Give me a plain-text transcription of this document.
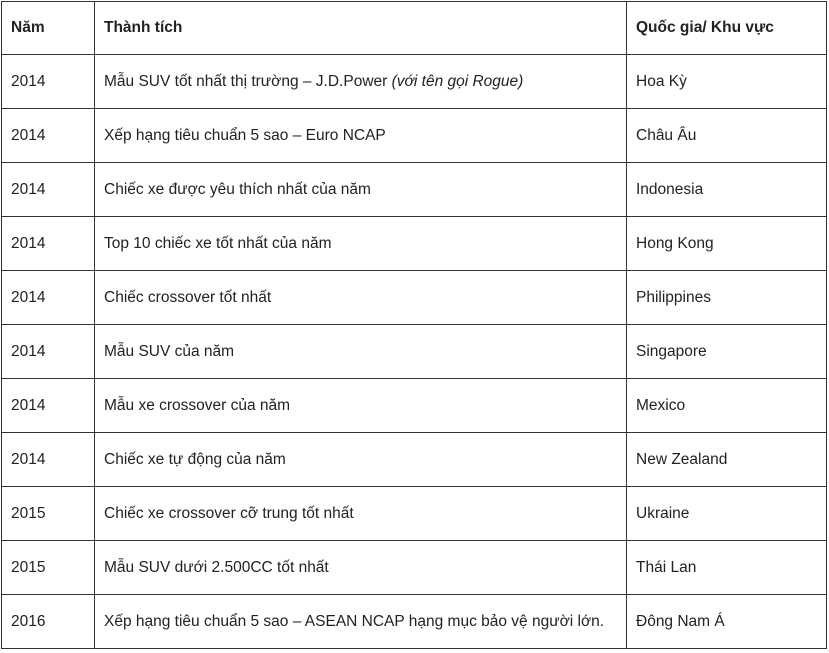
Năm	Thành tích	Quốc gia/ Khu vực
2014	Mẫu SUV tốt nhất thị trường – J.D.Power (với tên gọi Rogue)	Hoa Kỳ
2014	Xếp hạng tiêu chuẩn 5 sao – Euro NCAP	Châu Âu
2014	Chiếc xe được yêu thích nhất của năm	Indonesia
2014	Top 10 chiếc xe tốt nhất của năm	Hong Kong
2014	Chiếc crossover tốt nhất	Philippines
2014	Mẫu SUV của năm	Singapore
2014	Mẫu xe crossover của năm	Mexico
2014	Chiếc xe tự động của năm	New Zealand
2015	Chiếc xe crossover cỡ trung tốt nhất	Ukraine
2015	Mẫu SUV dưới 2.500CC tốt nhất	Thái Lan
2016	Xếp hạng tiêu chuẩn 5 sao – ASEAN NCAP hạng mục bảo vệ người lớn.	Đông Nam Á
